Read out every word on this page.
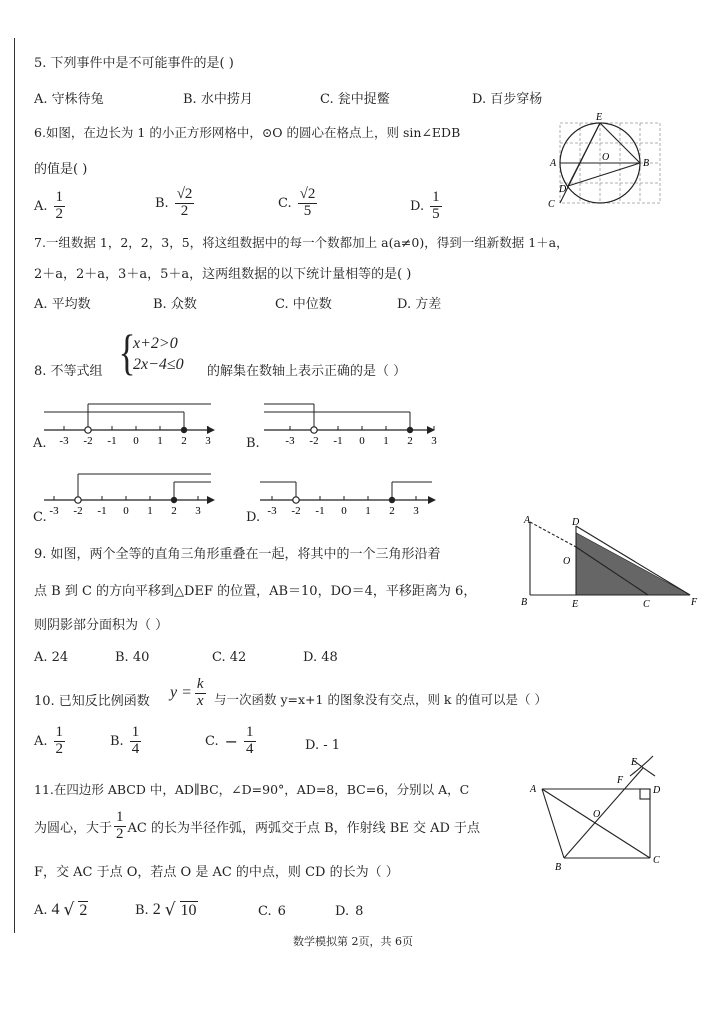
5. 下列事件中是不可能事件的是( )
A. 守株待兔	B. 水中捞月	C. 瓮中捉鳖	D. 百步穿杨
6.如图，在边长为 1 的小正方形网格中，⊙O 的圆心在格点上，则 sin∠EDB
的值是( )
A. $\frac{1}{2}$	B. $\frac{√2}{2}$	C. $\frac{√2}{5}$	D. $\frac{1}{5}$
E
A
O
B
D
C
7.一组数据 1，2，2，3，5，将这组数据中的每一个数都加上 a(a≠0)，得到一组新数据 1＋a，
2＋a，2＋a，3＋a，5＋a，这两组数据的以下统计量相等的是( )
A. 平均数	B. 众数	C. 中位数	D. 方差
8. 不等式组 {
x+2>0
2x−4≤0 的解集在数轴上表示正确的是（ ）
A.	B.
C.	D.
-3 -2 -1 0 1 2 3	-3 -2 -1 0 1 2 3
-3 -2 -1 0 1 2 3	-3 -2 -1 0 1 2 3
9. 如图，两个全等的直角三角形重叠在一起，将其中的一个三角形沿着
点 B 到 C 的方向平移到△DEF 的位置，AB＝10，DO＝4，平移距离为 6，
则阴影部分面积为（ ）
A. 24	B. 40	C. 42	D. 48
A	D
O
B	E	C	F
10. 已知反比例函数
$y = \frac{k}{x}$ 与一次函数 y=x+1 的图象没有交点，则 k 的值可以是（ ）
A. $\frac{1}{2}$	B. $\frac{1}{4}$	C. − $\frac{1}{4}$	D. - 1
11.在四边形 ABCD 中，AD∥BC，∠D=90°，AD=8，BC=6，分别以 A，C
为圆心，大于 $\frac{1}{2}$ AC 的长为半径作弧，两弧交于点 B，作射线 BE 交 AD 于点
F，交 AC 于点 O，若点 O 是 AC 的中点，则 CD 的长为（ ）
A. 4 √ 2	B. 2 √ 10	C. 6	D. 8
E
A
F
D
O
B
C
数学模拟第 2页，共 6页
